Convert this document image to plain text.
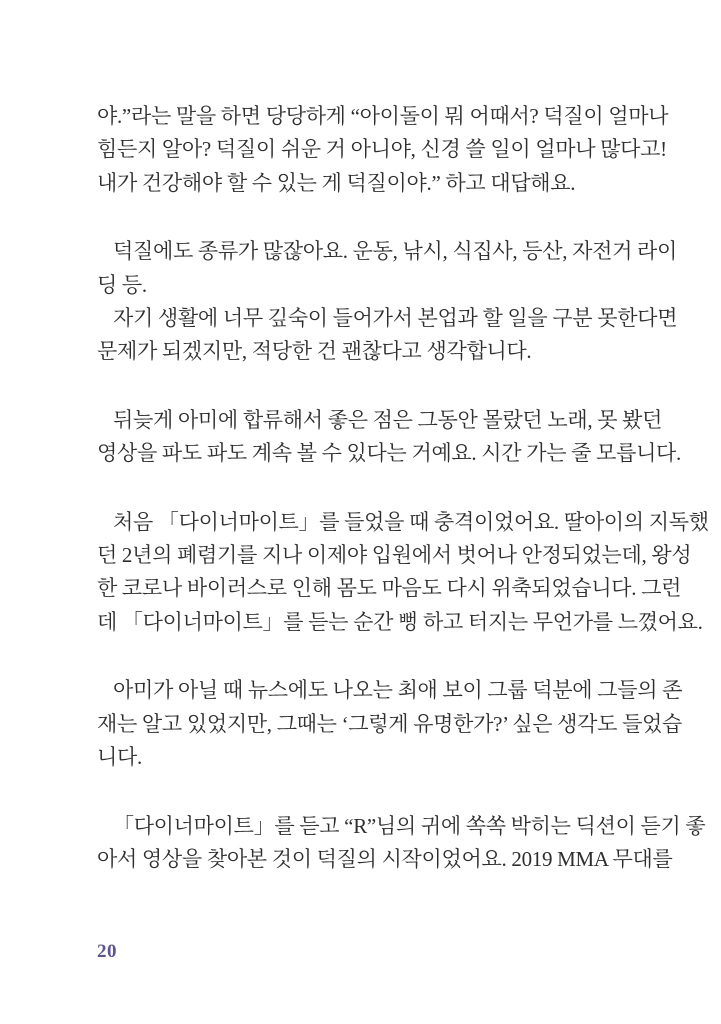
야.”라는 말을 하면 당당하게 “아이돌이 뭐 어때서? 덕질이 얼마나
힘든지 알아? 덕질이 쉬운 거 아니야, 신경 쓸 일이 얼마나 많다고!
내가 건강해야 할 수 있는 게 덕질이야.” 하고 대답해요.

덕질에도 종류가 많잖아요. 운동, 낚시, 식집사, 등산, 자전거 라이
딩 등.

자기 생활에 너무 깊숙이 들어가서 본업과 할 일을 구분 못한다면
문제가 되겠지만, 적당한 건 괜찮다고 생각합니다.

뒤늦게 아미에 합류해서 좋은 점은 그동안 몰랐던 노래, 못 봤던
영상을 파도 파도 계속 볼 수 있다는 거예요. 시간 가는 줄 모릅니다.

처음 「다이너마이트」를 들었을 때 충격이었어요. 딸아이의 지독했
던 2년의 폐렴기를 지나 이제야 입원에서 벗어나 안정되었는데, 왕성
한 코로나 바이러스로 인해 몸도 마음도 다시 위축되었습니다. 그런
데 「다이너마이트」를 듣는 순간 뻥 하고 터지는 무언가를 느꼈어요.

아미가 아닐 때 뉴스에도 나오는 최애 보이 그룹 덕분에 그들의 존
재는 알고 있었지만, 그때는 ‘그렇게 유명한가?’ 싶은 생각도 들었습
니다.

「다이너마이트」를 듣고 “R”님의 귀에 쏙쏙 박히는 딕션이 듣기 좋
아서 영상을 찾아본 것이 덕질의 시작이었어요. 2019 MMA 무대를

20
